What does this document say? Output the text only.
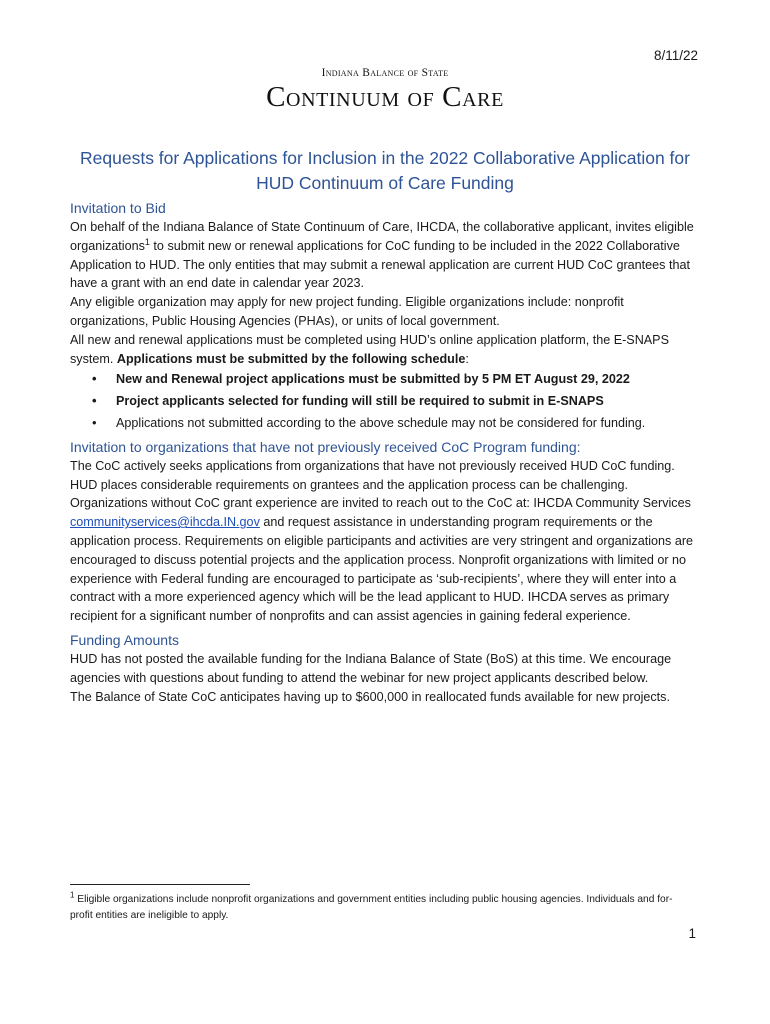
8/11/22
Indiana Balance of State
Continuum of Care
Requests for Applications for Inclusion in the 2022 Collaborative Application for HUD Continuum of Care Funding
Invitation to Bid

On behalf of the Indiana Balance of State Continuum of Care, IHCDA, the collaborative applicant, invites eligible organizations$^1$ to submit new or renewal applications for CoC funding to be included in the 2022 Collaborative Application to HUD. The only entities that may submit a renewal application are current HUD CoC grantees that have a grant with an end date in calendar year 2023.

Any eligible organization may apply for new project funding. Eligible organizations include: nonprofit organizations, Public Housing Agencies (PHAs), or units of local government.

All new and renewal applications must be completed using HUD’s online application platform, the E-SNAPS system. Applications must be submitted by the following schedule:

• New and Renewal project applications must be submitted by 5 PM ET August 29, 2022
• Project applicants selected for funding will still be required to submit in E-SNAPS
• Applications not submitted according to the above schedule may not be considered for funding.
Invitation to organizations that have not previously received CoC Program funding:

The CoC actively seeks applications from organizations that have not previously received HUD CoC funding. HUD places considerable requirements on grantees and the application process can be challenging. Organizations without CoC grant experience are invited to reach out to the CoC at: IHCDA Community Services communityservices@ihcda.IN.gov and request assistance in understanding program requirements or the application process. Requirements on eligible participants and activities are very stringent and organizations are encouraged to discuss potential projects and the application process. Nonprofit organizations with limited or no experience with Federal funding are encouraged to participate as ‘sub-recipients’, where they will enter into a contract with a more experienced agency which will be the lead applicant to HUD. IHCDA serves as primary recipient for a significant number of nonprofits and can assist agencies in gaining federal experience.

Funding Amounts

HUD has not posted the available funding for the Indiana Balance of State (BoS) at this time. We encourage agencies with questions about funding to attend the webinar for new project applicants described below.

The Balance of State CoC anticipates having up to $600,000 in reallocated funds available for new projects.

$^1$ Eligible organizations include nonprofit organizations and government entities including public housing agencies. Individuals and for-profit entities are ineligible to apply.
1
